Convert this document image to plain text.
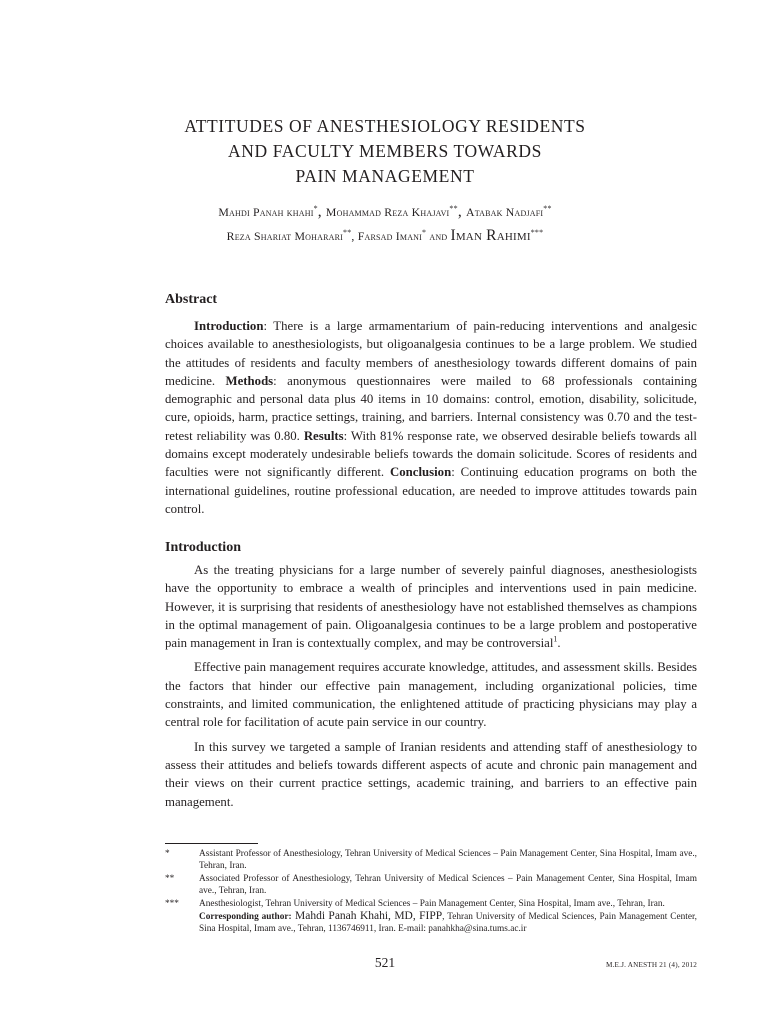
ATTITUDES OF ANESTHESIOLOGY RESIDENTS
AND FACULTY MEMBERS TOWARDS
PAIN MANAGEMENT
Mahdi Panah khahi*, Mohammad Reza Khajavi**, Atabak Nadjafi**
Reza Shariat Moharari**, Farsad Imani* and Iman Rahimi***
Abstract

Introduction: There is a large armamentarium of pain-reducing interventions and analgesic choices available to anesthesiologists, but oligoanalgesia continues to be a large problem. We studied the attitudes of residents and faculty members of anesthesiology towards different domains of pain medicine. Methods: anonymous questionnaires were mailed to 68 professionals containing demographic and personal data plus 40 items in 10 domains: control, emotion, disability, solicitude, cure, opioids, harm, practice settings, training, and barriers. Internal consistency was 0.70 and the test-retest reliability was 0.80. Results: With 81% response rate, we observed desirable beliefs towards all domains except moderately undesirable beliefs towards the domain solicitude. Scores of residents and faculties were not significantly different. Conclusion: Continuing education programs on both the international guidelines, routine professional education, are needed to improve attitudes towards pain control.

Introduction

As the treating physicians for a large number of severely painful diagnoses, anesthesiologists have the opportunity to embrace a wealth of principles and interventions used in pain medicine. However, it is surprising that residents of anesthesiology have not established themselves as champions in the optimal management of pain. Oligoanalgesia continues to be a large problem and postoperative pain management in Iran is contextually complex, and may be controversial$^1$.

Effective pain management requires accurate knowledge, attitudes, and assessment skills. Besides the factors that hinder our effective pain management, including organizational policies, time constraints, and limited communication, the enlightened attitude of practicing physicians may play a central role for facilitation of acute pain service in our country.

In this survey we targeted a sample of Iranian residents and attending staff of anesthesiology to assess their attitudes and beliefs towards different aspects of acute and chronic pain management and their views on their current practice settings, academic training, and barriers to an effective pain management.

*	Assistant Professor of Anesthesiology, Tehran University of Medical Sciences – Pain Management Center, Sina Hospital, Imam ave., Tehran, Iran.
**	Associated Professor of Anesthesiology, Tehran University of Medical Sciences – Pain Management Center, Sina Hospital, Imam ave., Tehran, Iran.
***	Anesthesiologist, Tehran University of Medical Sciences – Pain Management Center, Sina Hospital, Imam ave., Tehran, Iran.
Corresponding author: Mahdi Panah Khahi, MD, FIPP, Tehran University of Medical Sciences, Pain Management Center, Sina Hospital, Imam ave., Tehran, 1136746911, Iran. E-mail: panahkha@sina.tums.ac.ir
521	M.E.J. ANESTH 21 (4), 2012
